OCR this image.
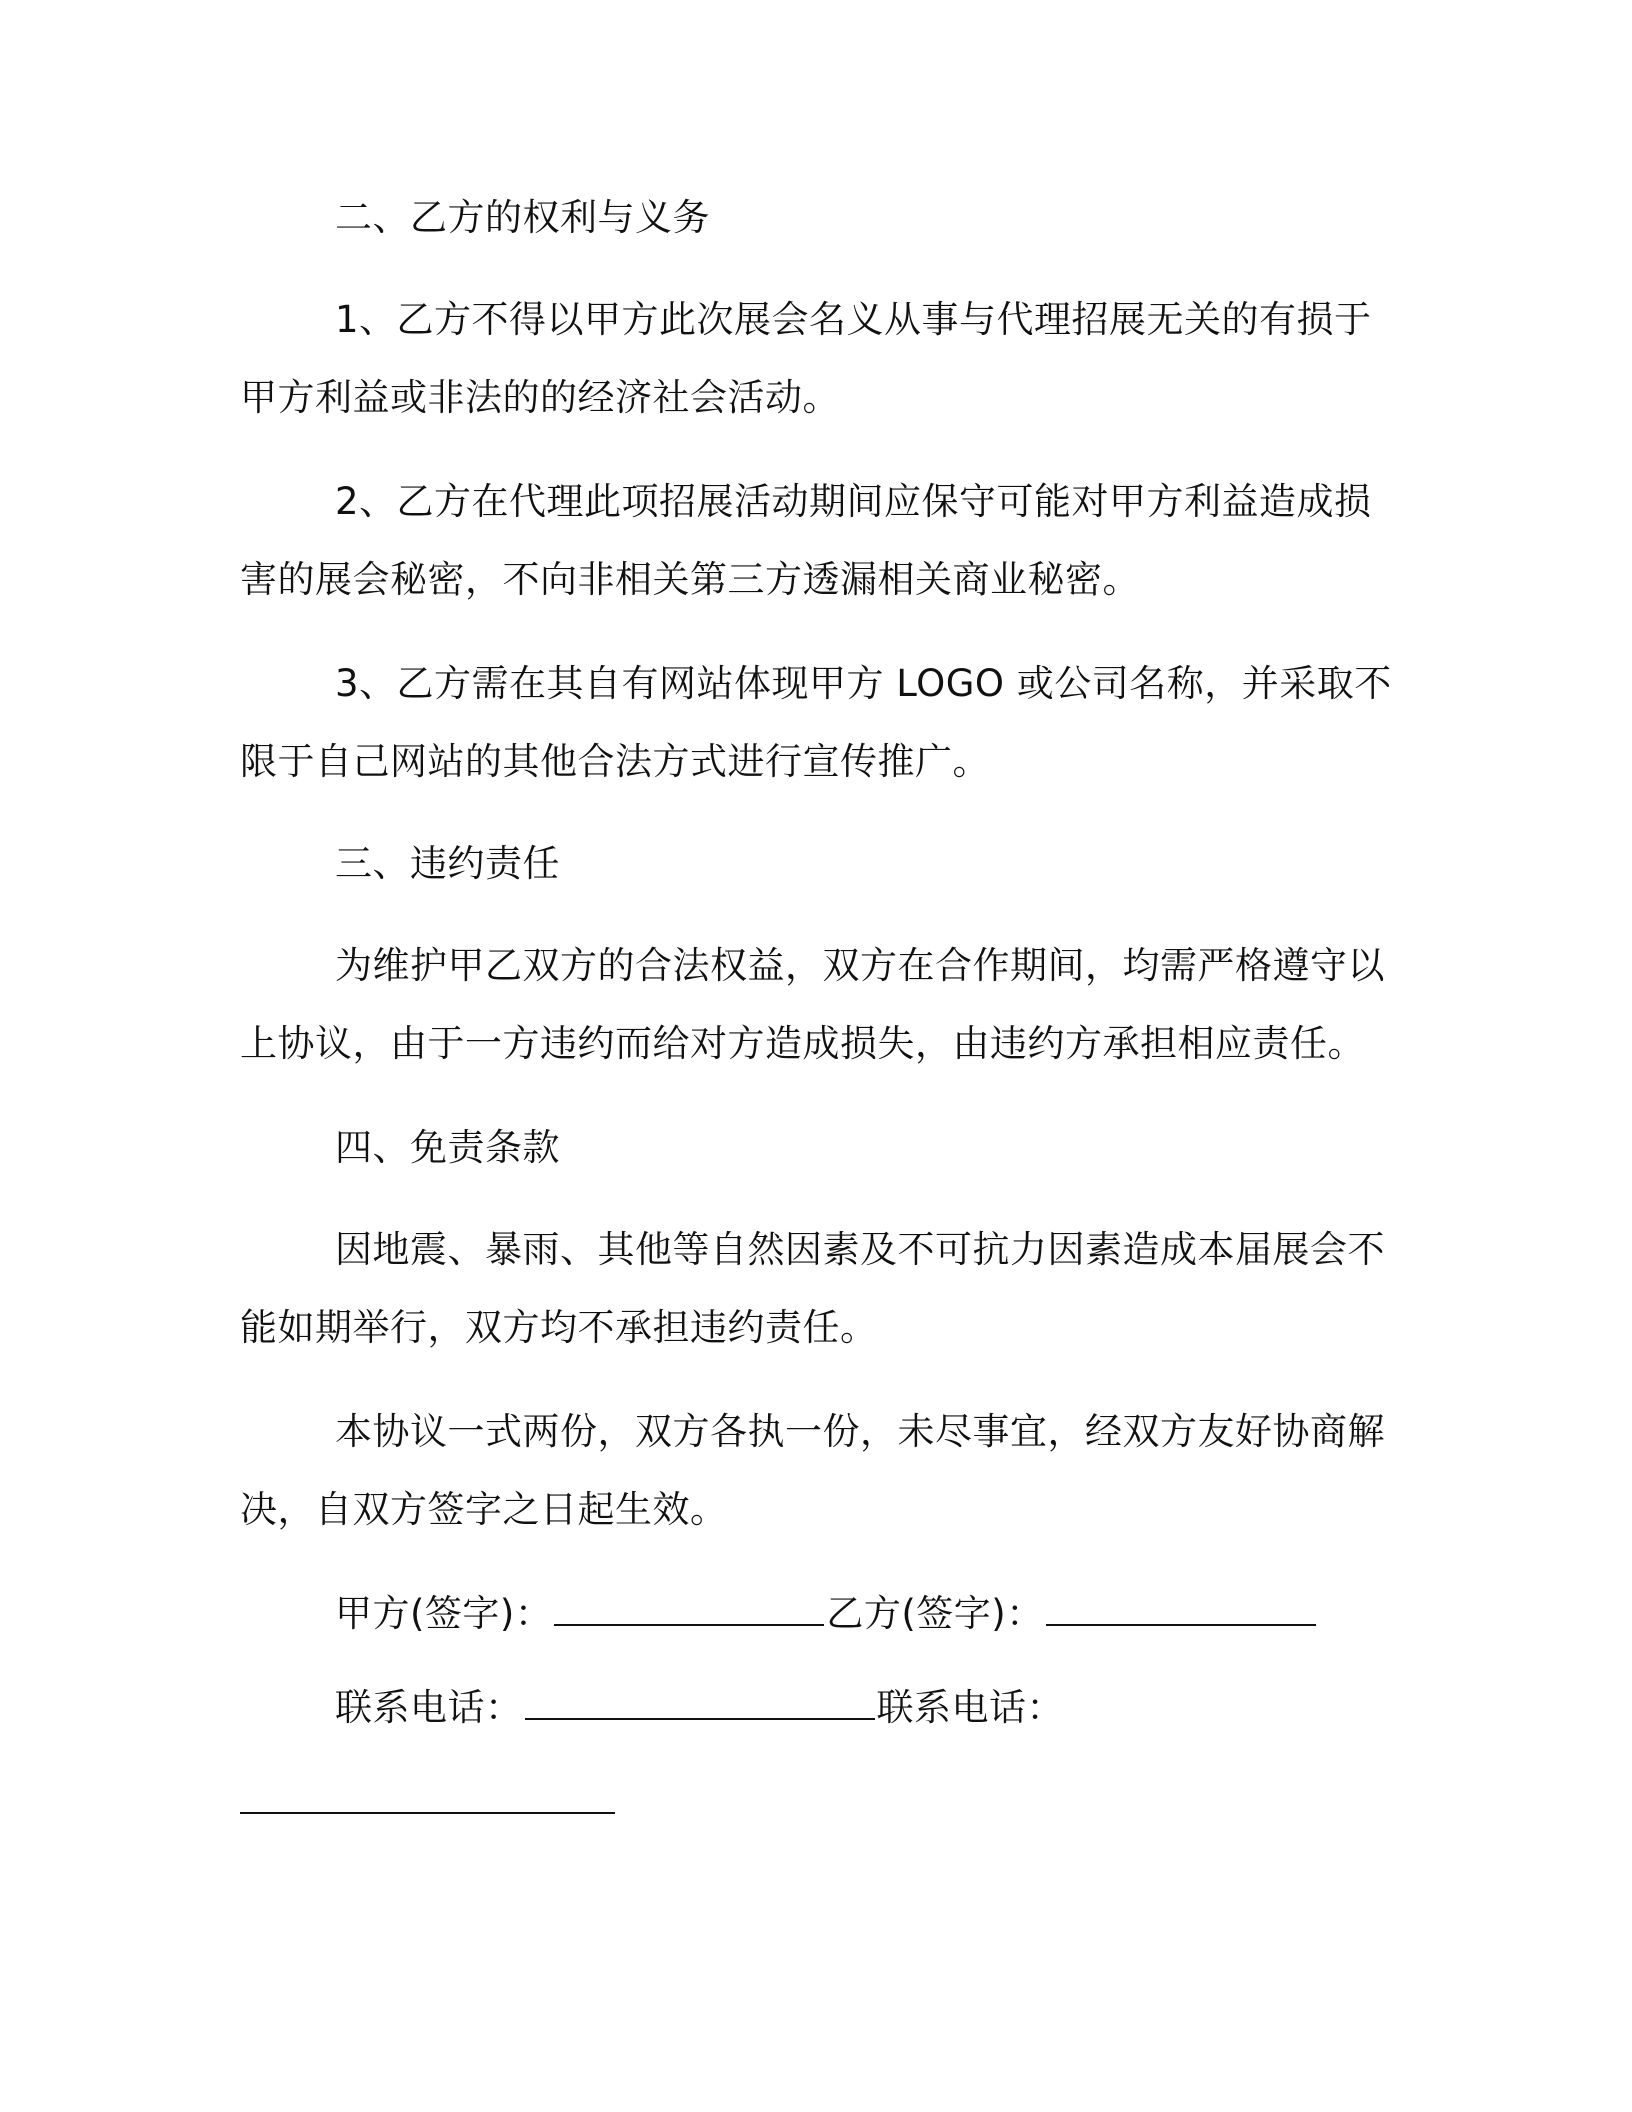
二、乙方的权利与义务
1、乙方不得以甲方此次展会名义从事与代理招展无关的有损于
甲方利益或非法的的经济社会活动。
2、乙方在代理此项招展活动期间应保守可能对甲方利益造成损
害的展会秘密，不向非相关第三方透漏相关商业秘密。
3、乙方需在其自有网站体现甲方 LOGO 或公司名称，并采取不
限于自己网站的其他合法方式进行宣传推广。
三、违约责任
为维护甲乙双方的合法权益，双方在合作期间，均需严格遵守以
上协议，由于一方违约而给对方造成损失，由违约方承担相应责任。
四、免责条款
因地震、暴雨、其他等自然因素及不可抗力因素造成本届展会不
能如期举行，双方均不承担违约责任。
本协议一式两份，双方各执一份，未尽事宜，经双方友好协商解
决，自双方签字之日起生效。
甲方(签字)：	乙方(签字)：
联系电话：	联系电话：
